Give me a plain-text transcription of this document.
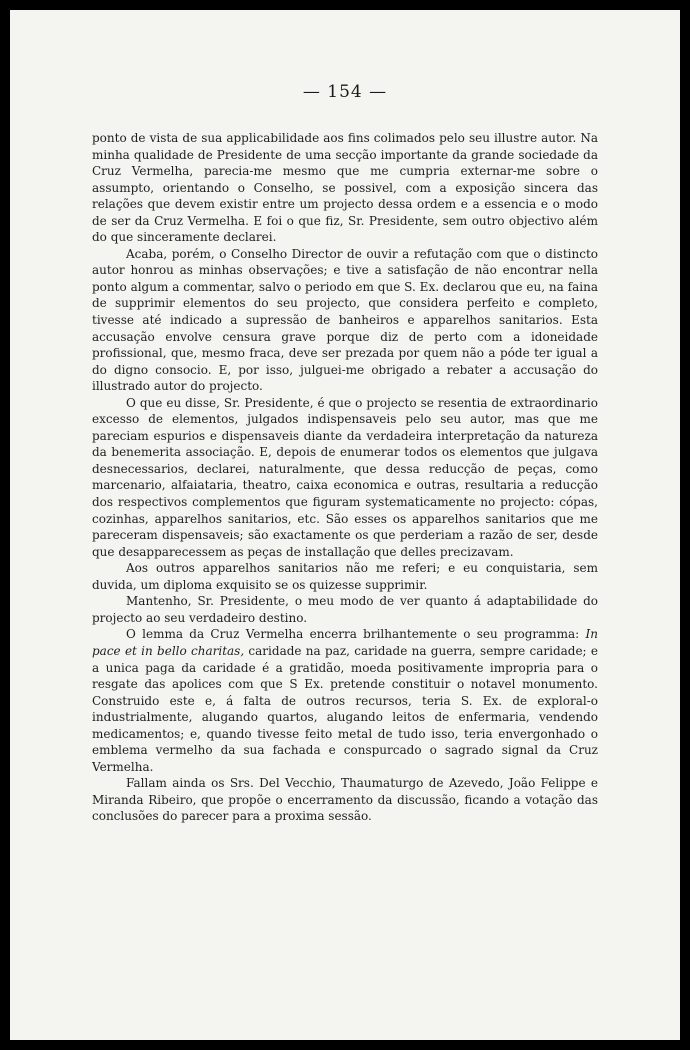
— 154 —

ponto de vista de sua applicabilidade aos fins colimados pelo seu illustre autor. Na minha qualidade de Presidente de uma secção importante da grande sociedade da Cruz Vermelha, parecia-me mesmo que me cumpria externar-me sobre o assumpto, orientando o Conselho, se possivel, com a exposição sincera das relações que devem existir entre um projecto dessa ordem e a essencia e o modo de ser da Cruz Vermelha. E foi o que fiz, Sr. Presidente, sem outro objectivo além do que sinceramente declarei.

Acaba, porém, o Conselho Director de ouvir a refutação com que o distincto autor honrou as minhas observações; e tive a satisfação de não encontrar nella ponto algum a commentar, salvo o periodo em que S. Ex. declarou que eu, na faina de supprimir elementos do seu projecto, que considera perfeito e completo, tivesse até indicado a supressão de banheiros e apparelhos sanitarios. Esta accusação envolve censura grave porque diz de perto com a idoneidade profissional, que, mesmo fraca, deve ser prezada por quem não a póde ter igual a do digno consocio. E, por isso, julguei-me obrigado a rebater a accusação do illustrado autor do projecto.

O que eu disse, Sr. Presidente, é que o projecto se resentia de extraordinario excesso de elementos, julgados indispensaveis pelo seu autor, mas que me pareciam espurios e dispensaveis diante da verdadeira interpretação da natureza da benemerita associação. E, depois de enumerar todos os elementos que julgava desnecessarios, declarei, naturalmente, que dessa reducção de peças, como marcenario, alfaiataria, theatro, caixa economica e outras, resultaria a reducção dos respectivos complementos que figuram systematicamente no projecto: cópas, cozinhas, apparelhos sanitarios, etc. São esses os apparelhos sanitarios que me pareceram dispensaveis; são exactamente os que perderiam a razão de ser, desde que desapparecessem as peças de installação que delles precizavam.

Aos outros apparelhos sanitarios não me referi; e eu conquistaria, sem duvida, um diploma exquisito se os quizesse supprimir.

Mantenho, Sr. Presidente, o meu modo de ver quanto á adaptabilidade do projecto ao seu verdadeiro destino.

O lemma da Cruz Vermelha encerra brilhantemente o seu programma: In pace et in bello charitas, caridade na paz, caridade na guerra, sempre caridade; e a unica paga da caridade é a gratidão, moeda positivamente impropria para o resgate das apolices com que S Ex. pretende constituir o notavel monumento. Construido este e, á falta de outros recursos, teria S. Ex. de exploral-o industrialmente, alugando quartos, alugando leitos de enfermaria, vendendo medicamentos; e, quando tivesse feito metal de tudo isso, teria envergonhado o emblema vermelho da sua fachada e conspurcado o sagrado signal da Cruz Vermelha.

Fallam ainda os Srs. Del Vecchio, Thaumaturgo de Azevedo, João Felippe e Miranda Ribeiro, que propõe o encerramento da discussão, ficando a votação das conclusões do parecer para a proxima sessão.
